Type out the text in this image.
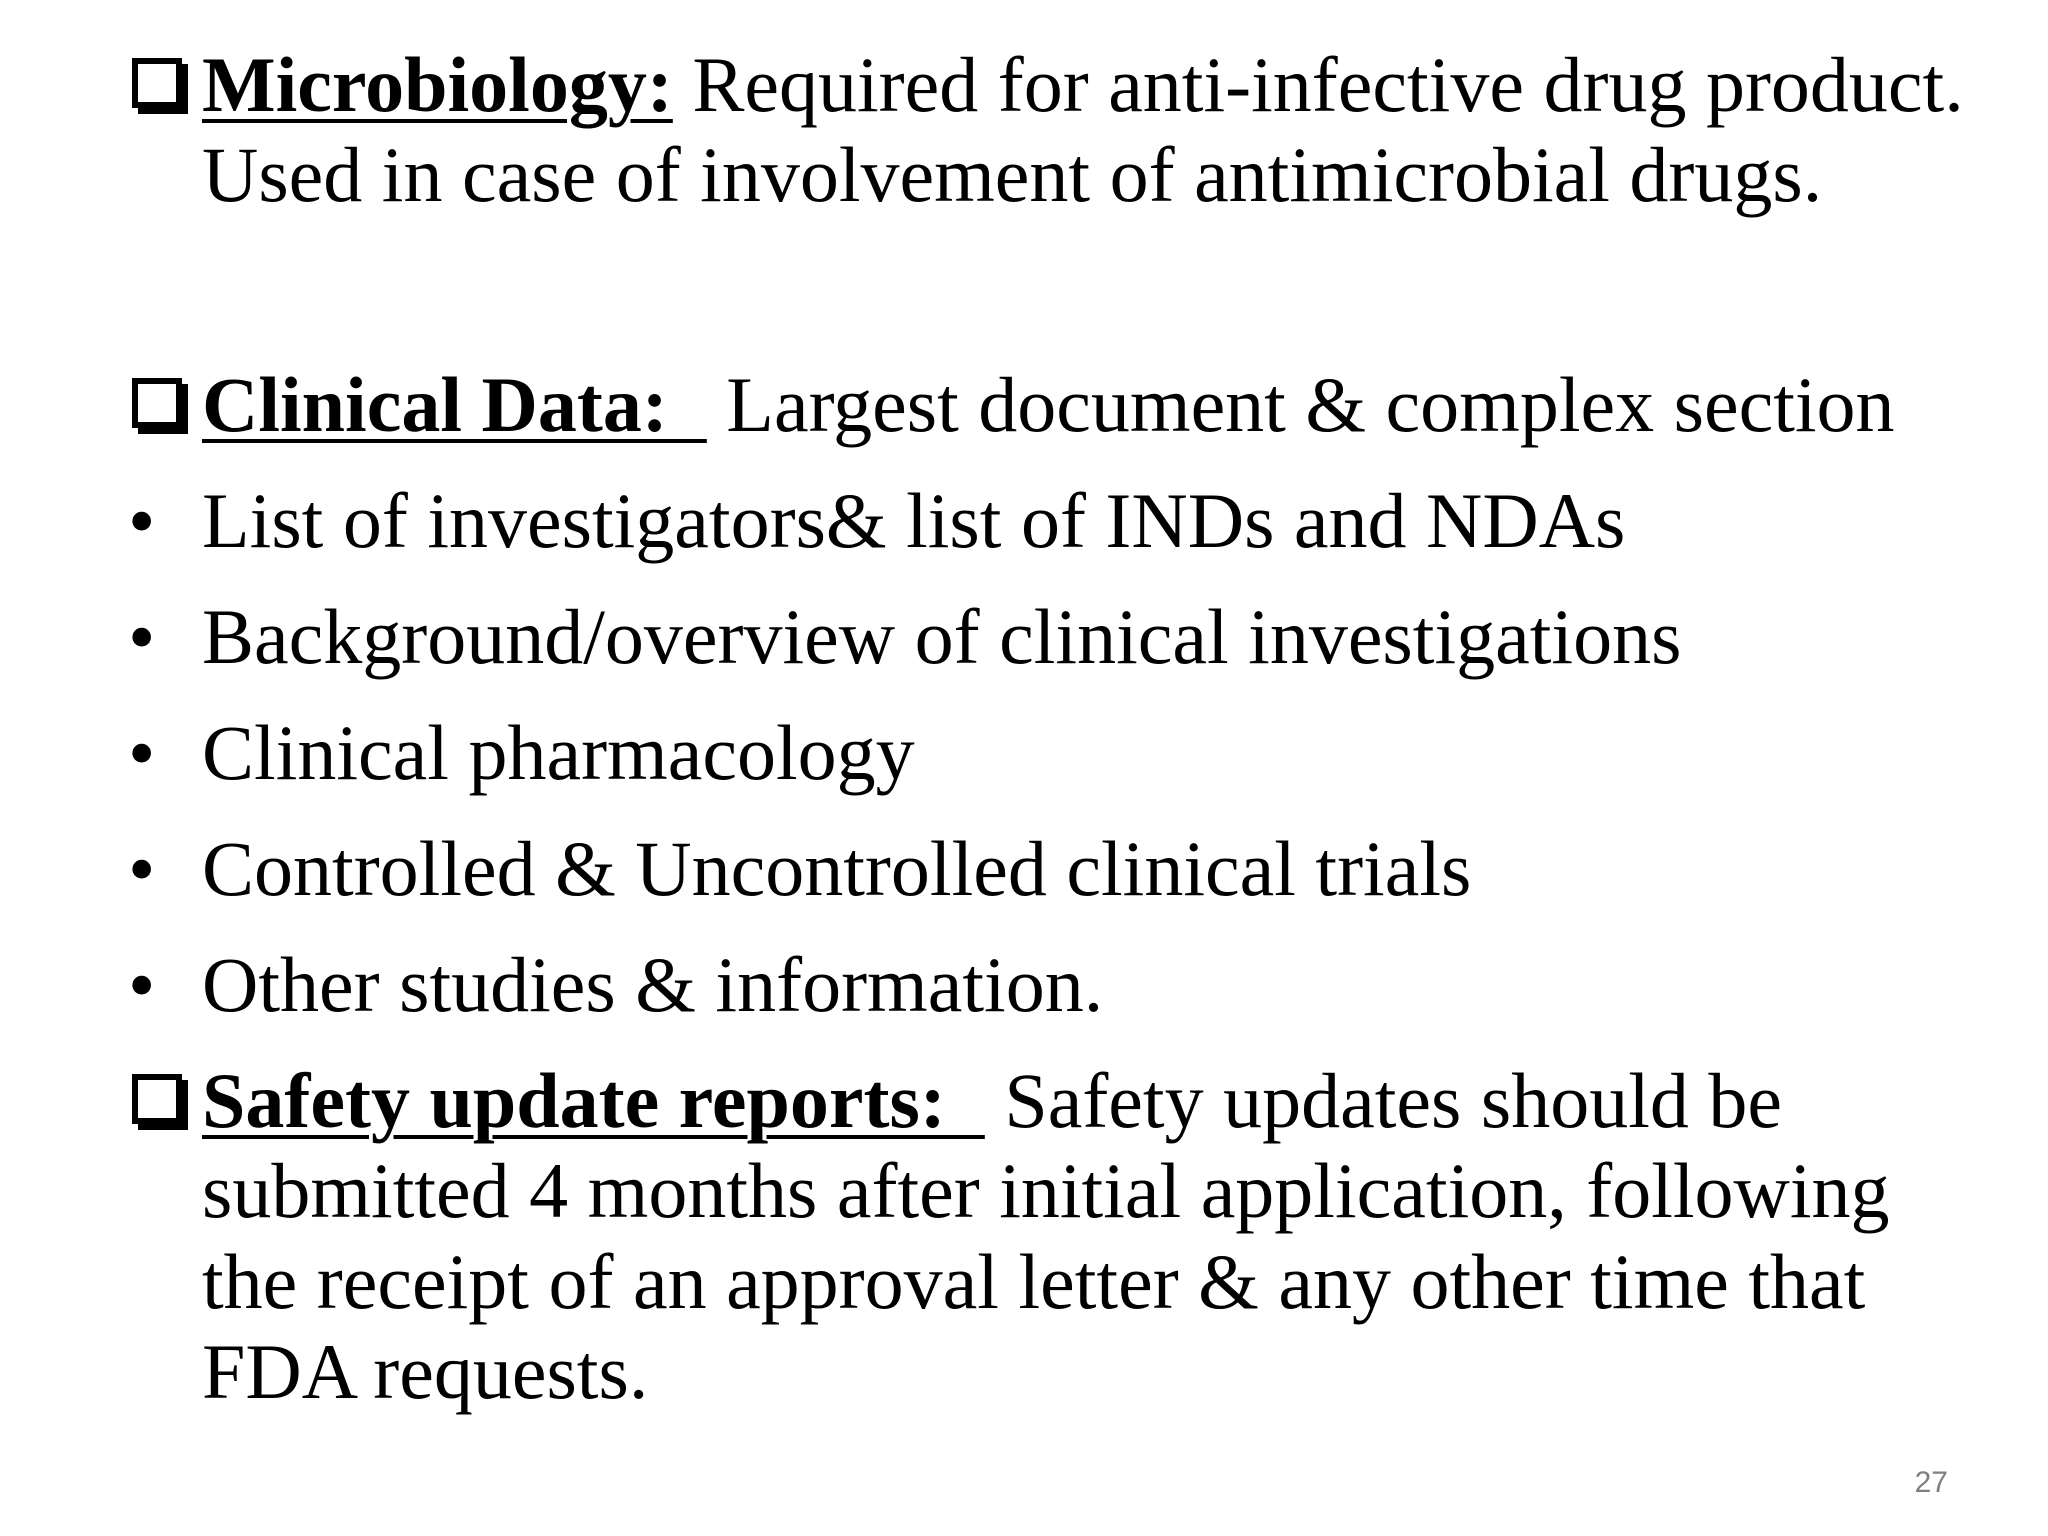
Microbiology: Required for anti-infective drug product. Used in case of involvement of antimicrobial drugs.
Clinical Data:   Largest document & complex section
• List of investigators& list of INDs and NDAs
• Background/overview of clinical investigations
• Clinical pharmacology
• Controlled & Uncontrolled clinical trials
• Other studies & information.
Safety update reports:   Safety updates should be submitted 4 months after initial application, following the receipt of an approval letter & any other time that FDA requests.
27
